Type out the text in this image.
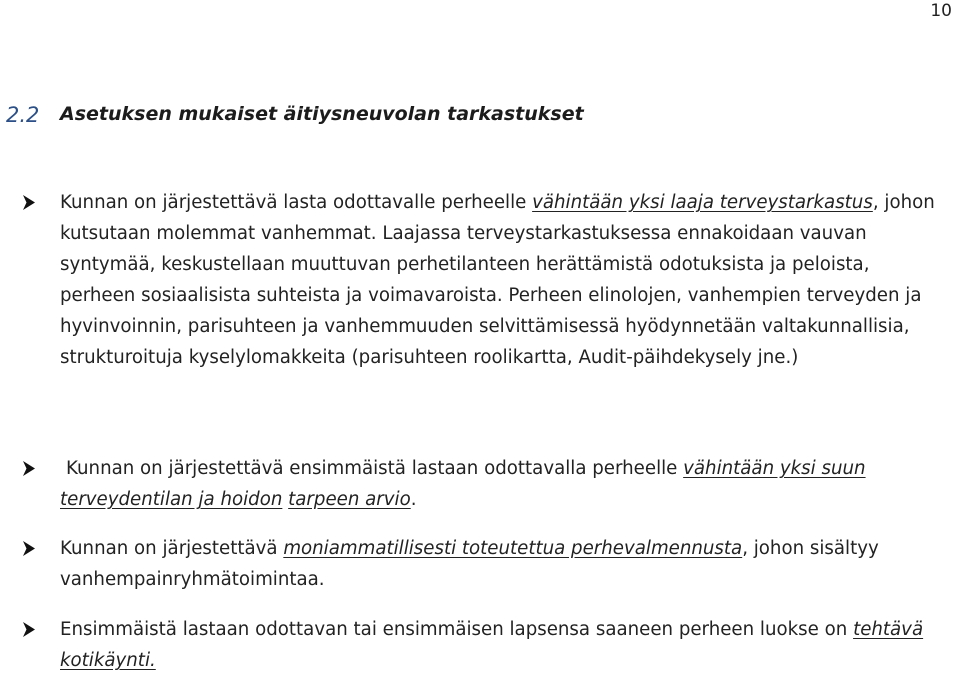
10
2.2 Asetuksen mukaiset äitiysneuvolan tarkastukset
Kunnan on järjestettävä lasta odottavalle perheelle vähintään yksi laaja terveystarkastus, johon kutsutaan molemmat vanhemmat. Laajassa terveystarkastuksessa ennakoidaan vauvan syntymää, keskustellaan muuttuvan perhetilanteen herättämistä odotuksista ja peloista, perheen sosiaalisista suhteista ja voimavaroista. Perheen elinolojen, vanhempien terveyden ja hyvinvoinnin, parisuhteen ja vanhemmuuden selvittämisessä hyödynnetään valtakunnallisia, strukturoituja kyselylomakkeita (parisuhteen roolikartta, Audit-päihdekysely jne.)
Kunnan on järjestettävä ensimmäistä lastaan odottavalla perheelle vähintään yksi suun terveydentilan ja hoidon tarpeen arvio.
Kunnan on järjestettävä moniammatillisesti toteutettua perhevalmennusta, johon sisältyy vanhempainryhmätoimintaa.
Ensimmäistä lastaan odottavan tai ensimmäisen lapsensa saaneen perheen luokse on tehtävä kotikäynti.
